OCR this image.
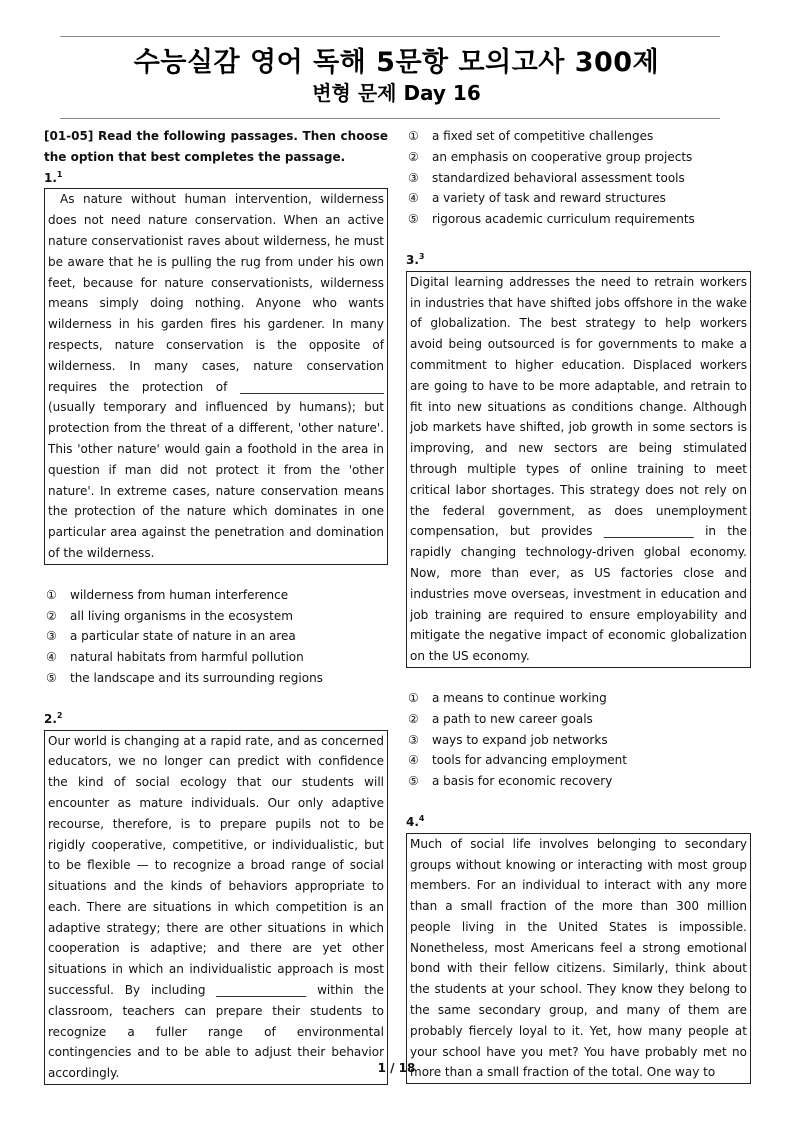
수능실감 영어 독해 5문항 모의고사 300제
변형 문제 Day 16
[01-05] Read the following passages. Then choose the option that best completes the passage.
1.$^1$
As nature without human intervention, wilderness does not need nature conservation. When an active nature conservationist raves about wilderness, he must be aware that he is pulling the rug from under his own feet, because for nature conservationists, wilderness means simply doing nothing. Anyone who wants wilderness in his garden fires his gardener. In many respects, nature conservation is the opposite of wilderness. In many cases, nature conservation requires the protection of ________________________ (usually temporary and influenced by humans); but protection from the threat of a different, 'other nature'. This 'other nature' would gain a foothold in the area in question if man did not protect it from the 'other nature'. In extreme cases, nature conservation means the protection of the nature which dominates in one particular area against the penetration and domination of the wilderness.
①	wilderness from human interference
②	all living organisms in the ecosystem
③	a particular state of nature in an area
④	natural habitats from harmful pollution
⑤	the landscape and its surrounding regions
2.$^2$
Our world is changing at a rapid rate, and as concerned educators, we no longer can predict with confidence the kind of social ecology that our students will encounter as mature individuals. Our only adaptive recourse, therefore, is to prepare pupils not to be rigidly cooperative, competitive, or individualistic, but to be flexible — to recognize a broad range of social situations and the kinds of behaviors appropriate to each. There are situations in which competition is an adaptive strategy; there are other situations in which cooperation is adaptive; and there are yet other situations in which an individualistic approach is most successful. By including _______________ within the classroom, teachers can prepare their students to recognize a fuller range of environmental contingencies and to be able to adjust their behavior accordingly.
①	a fixed set of competitive challenges
②	an emphasis on cooperative group projects
③	standardized behavioral assessment tools
④	a variety of task and reward structures
⑤	rigorous academic curriculum requirements
3.$^3$
Digital learning addresses the need to retrain workers in industries that have shifted jobs offshore in the wake of globalization. The best strategy to help workers avoid being outsourced is for governments to make a commitment to higher education. Displaced workers are going to have to be more adaptable, and retrain to fit into new situations as conditions change. Although job markets have shifted, job growth in some sectors is improving, and new sectors are being stimulated through multiple types of online training to meet critical labor shortages. This strategy does not rely on the federal government, as does unemployment compensation, but provides _______________ in the rapidly changing technology-driven global economy. Now, more than ever, as US factories close and industries move overseas, investment in education and job training are required to ensure employability and mitigate the negative impact of economic globalization on the US economy.
①	a means to continue working
②	a path to new career goals
③	ways to expand job networks
④	tools for advancing employment
⑤	a basis for economic recovery
4.$^4$
Much of social life involves belonging to secondary groups without knowing or interacting with most group members. For an individual to interact with any more than a small fraction of the more than 300 million people living in the United States is impossible. Nonetheless, most Americans feel a strong emotional bond with their fellow citizens. Similarly, think about the students at your school. They know they belong to the same secondary group, and many of them are probably fiercely loyal to it. Yet, how many people at your school have you met? You have probably met no more than a small fraction of the total. One way to
1 / 18
